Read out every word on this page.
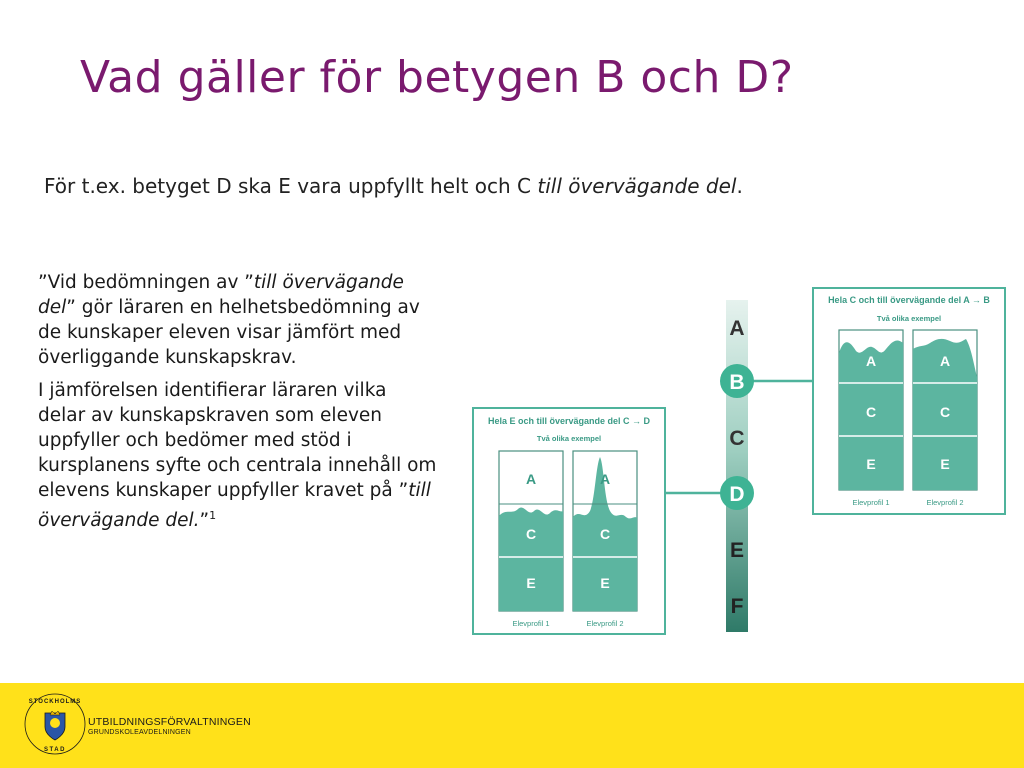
Vad gäller för betygen B och D?
För t.ex. betyget D ska E vara uppfyllt helt och C till övervägande del.

”Vid bedömningen av ”till övervägande del” gör läraren en helhetsbedömning av de kunskaper eleven visar jämfört med överliggande kunskapskrav.

I jämförelsen identifierar läraren vilka delar av kunskapskraven som eleven uppfyller och bedömer med stöd i kursplanens syfte och centrala innehåll om elevens kunskaper uppfyller kravet på ”till övervägande del.”$^1$

A
B
C
D
E
F
Hela E och till övervägande del C → D
Två olika exempel
A
C
E
Elevprofil 1
A
C
E
Elevprofil 2
Hela C och till övervägande del A → B
Två olika exempel
A
C
E
Elevprofil 1
A
C
E
Elevprofil 2
STOCKHOLMS
STAD
UTBILDNINGSFÖRVALTNINGEN
GRUNDSKOLEAVDELNINGEN
